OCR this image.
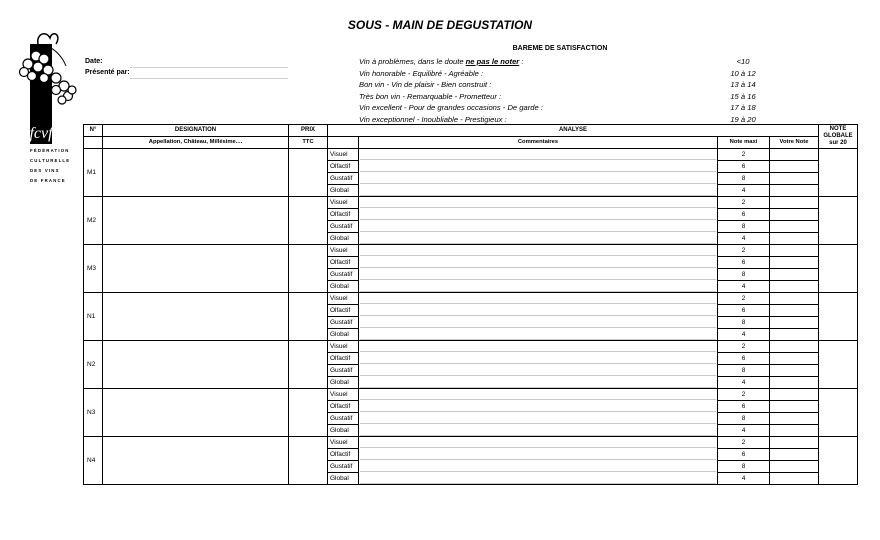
SOUS - MAIN DE DEGUSTATION
fcvf
FÉDÉRATION
CULTURELLE
DES VINS
DE FRANCE
Date:
Présenté par:
BAREME DE SATISFACTION
Vin à problèmes, dans le doute ne pas le noter :	<10
Vin honorable - Equilibré - Agréable :	10 à 12
Bon vin - Vin de plaisir - Bien construit :	13 à 14
Très bon vin - Remarquable - Prometteur :	15 à 16
Vin excellent - Pour de grandes occasions - De garde :	17 à 18
Vin exceptionnel - Inoubliable - Prestigieux :	19 à 20
N°	DESIGNATION	PRIX	ANALYSE				NOTE
GLOBALE
sur 20
	Appellation, Château, Millésime....	TTC		Commentaires	Note maxi	Votre Note	
M1			Visuel		2		
			Olfactif		6		
			Gustatif		8		
			Global		4		
M2			Visuel		2		
			Olfactif		6		
			Gustatif		8		
			Global		4		
M3			Visuel		2		
			Olfactif		6		
			Gustatif		8		
			Global		4		
N1			Visuel		2		
			Olfactif		6		
			Gustatif		8		
			Global		4		
N2			Visuel		2		
			Olfactif		6		
			Gustatif		8		
			Global		4		
N3			Visuel		2		
			Olfactif		6		
			Gustatif		8		
			Global		4		
N4			Visuel		2		
			Olfactif		6		
			Gustatif		8		
			Global		4		
